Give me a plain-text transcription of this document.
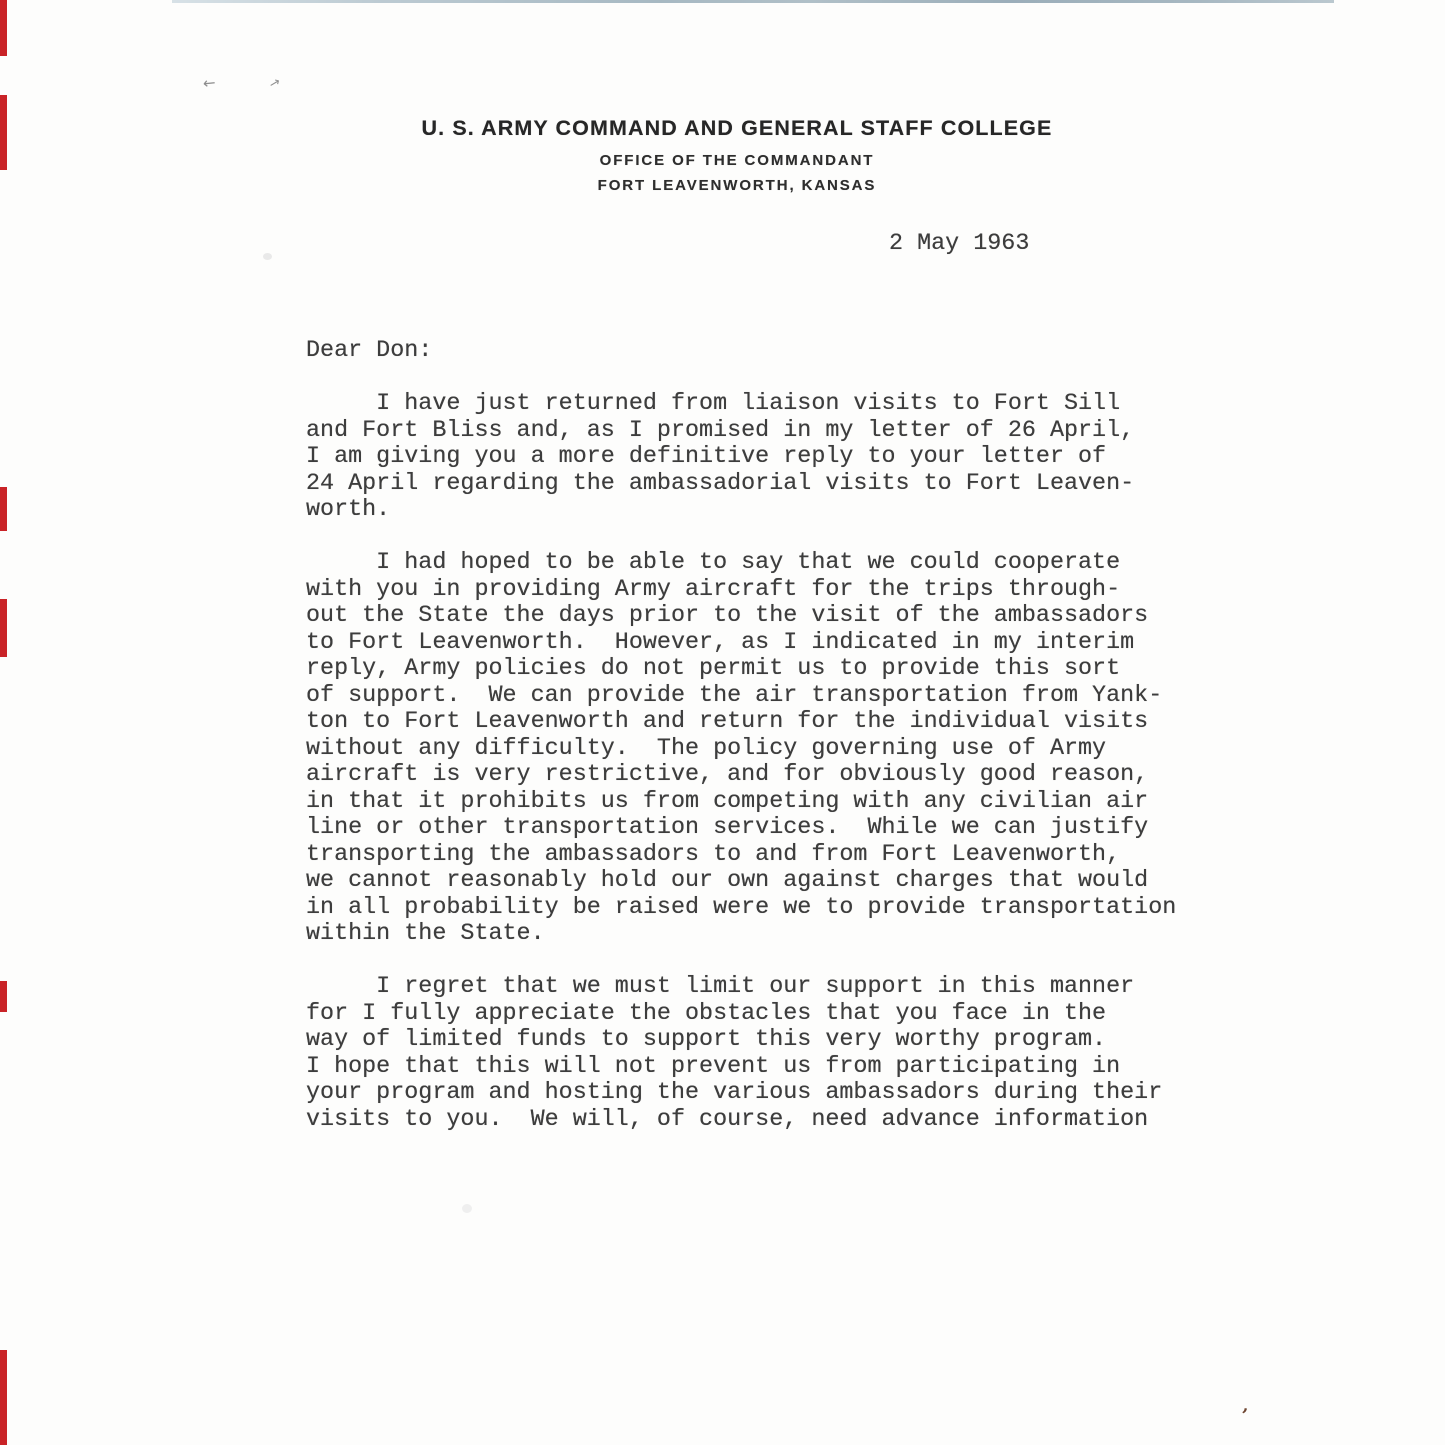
←	↗
U. S. ARMY COMMAND AND GENERAL STAFF COLLEGE
OFFICE OF THE COMMANDANT
FORT LEAVENWORTH, KANSAS
2 May 1963
Dear Don:
I have just returned from liaison visits to Fort Sill
and Fort Bliss and, as I promised in my letter of 26 April,
I am giving you a more definitive reply to your letter of
24 April regarding the ambassadorial visits to Fort Leaven-
worth.
I had hoped to be able to say that we could cooperate
with you in providing Army aircraft for the trips through-
out the State the days prior to the visit of the ambassadors
to Fort Leavenworth.  However, as I indicated in my interim
reply, Army policies do not permit us to provide this sort
of support.  We can provide the air transportation from Yank-
ton to Fort Leavenworth and return for the individual visits
without any difficulty.  The policy governing use of Army
aircraft is very restrictive, and for obviously good reason,
in that it prohibits us from competing with any civilian air
line or other transportation services.  While we can justify
transporting the ambassadors to and from Fort Leavenworth,
we cannot reasonably hold our own against charges that would
in all probability be raised were we to provide transportation
within the State.
I regret that we must limit our support in this manner
for I fully appreciate the obstacles that you face in the
way of limited funds to support this very worthy program.
I hope that this will not prevent us from participating in
your program and hosting the various ambassadors during their
visits to you.  We will, of course, need advance information
,
